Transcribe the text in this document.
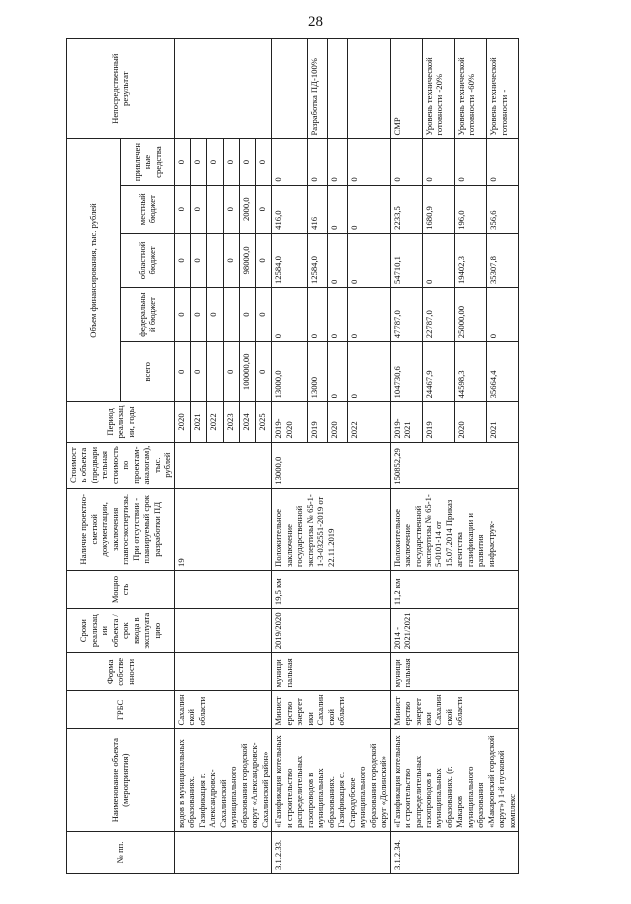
28
№ пп.	Наименование объекта (мероприятия)	ГРБС	Форма собственности	Сроки реализации объекта / срок ввода в эксплуатацию	Мощность	Наличие проектно-сметной документации, заключения главгосэкспертизы. При отсутствии - планируемый срок разработки ПД	Стоимость объекта (предварительная стоимость по проектам-аналогам), тыс. рублей	Период реализации, годы	Объем финансирования, тыс. рублей					Непосредственный результат
									всего	федеральный бюджет	областной бюджет	местный бюджет	привлеченные средства	
	водов в муниципальных образованиях. Газификация г. Александровск-Сахалинский муниципального образования городской округ «Александровск-Сахалинский район»	Сахалинской области				19		2020	0	0	0	0	0	
								2021	0	0	0	0	0	
								2022		0			0	
								2023	0		0	0	0	
								2024	100000,00	0	98000,0	2000,0	0	
								2025	0	0	0	0	0	
3.1.2.33.	«Газификация котельных и строительство распределительных газопроводов в муниципальных образованиях. Газификация с. Стародубское муниципального образования городской округ «Долинский»	Министерство энергетики Сахалинской области	муниципальная	2019/2020	19,5 км	Положительное заключение государственной экспертизы № 65-1-1-3-032551-2019 от 22.11.2019	13000,0	2019-2020	13000,0	0	12584,0	416,0	0	
								2019	13000	0	12584,0	416	0	Разработка ПД-100%
								2020	0	0	0	0	0	
								2022	0	0	0	0	0	
3.1.2.34.	«Газификация котельных и строительство распределительных газопроводов в муниципальных образованиях. (г. Макаров муниципального образования «Макаровский городской округ») 1-й пусковой комплекс	Министерство энергетики Сахалинской области	муниципальная	2014 - 2021/2021	11,2 км	Положительное заключение государственной экспертизы № 65-1-5-0101-14 от 15.07.2014 Приказ агентства газификации и развития инфраструк-	150852,29	2019-2021	104730,6	47787,0	54710,1	2233,5	0	СМР
								2019	24467,9	22787,0	0	1680,9	0	Уровень технической готовности -20%
								2020	44598,3	25000,00	19402,3	196,0	0	Уровень технической готовности -60%
								2021	35664,4	0	35307,8	356,6	0	Уровень технической готовности -
